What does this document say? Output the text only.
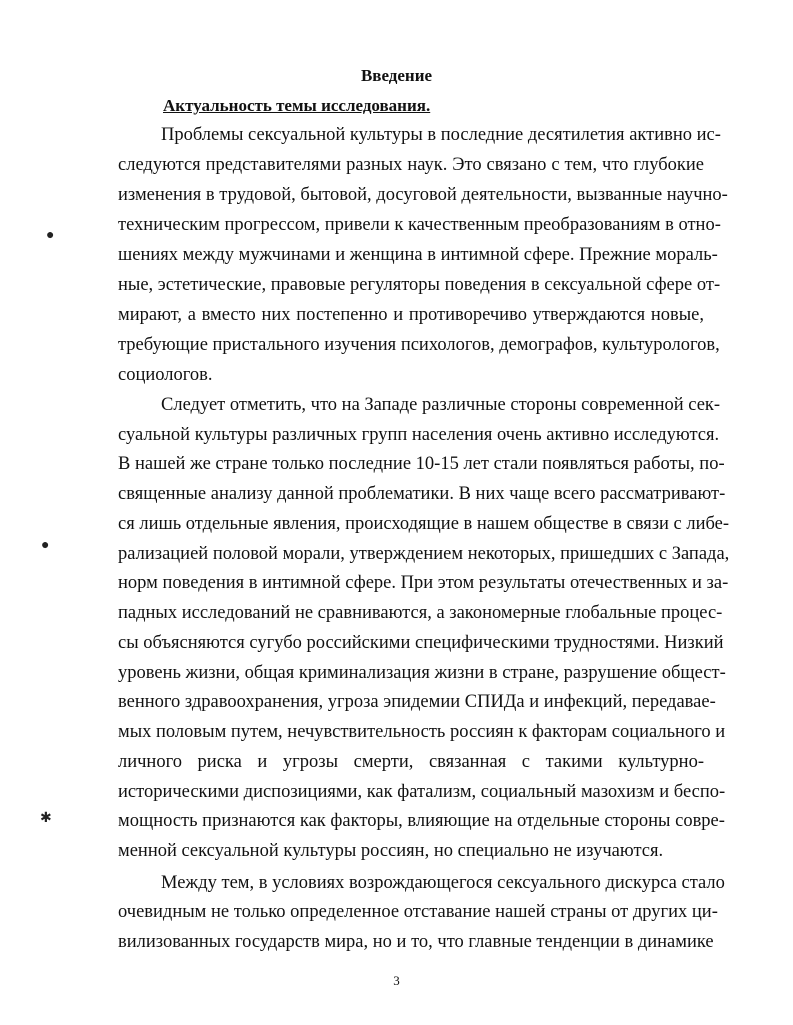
Введение
Актуальность темы исследования.
Проблемы сексуальной культуры в последние десятилетия активно ис-
следуются представителями разных наук. Это связано с тем, что глубокие
изменения в трудовой, бытовой, досуговой деятельности, вызванные научно-
техническим прогрессом, привели к качественным преобразованиям в отно-
шениях между мужчинами и женщина в интимной сфере. Прежние мораль-
ные, эстетические, правовые регуляторы поведения в сексуальной сфере от-
мирают, а вместо них постепенно и противоречиво утверждаются новые,
требующие пристального изучения психологов, демографов, культурологов,
социологов.
Следует отметить, что на Западе различные стороны современной сек-
суальной культуры различных групп населения очень активно исследуются.
В нашей же стране только последние 10-15 лет стали появляться работы, по-
священные анализу данной проблематики. В них чаще всего рассматривают-
ся лишь отдельные явления, происходящие в нашем обществе в связи с либе-
рализацией половой морали, утверждением некоторых, пришедших с Запада,
норм поведения в интимной сфере. При этом результаты отечественных и за-
падных исследований не сравниваются, а закономерные глобальные процес-
сы объясняются сугубо российскими специфическими трудностями. Низкий
уровень жизни, общая криминализация жизни в стране, разрушение общест-
венного здравоохранения, угроза эпидемии СПИДа и инфекций, передавае-
мых половым путем, нечувствительность россиян к факторам социального и
личного риска и угрозы смерти, связанная с такими культурно-
историческими диспозициями, как фатализм, социальный мазохизм и беспо-
мощность признаются как факторы, влияющие на отдельные стороны совре-
менной сексуальной культуры россиян, но специально не изучаются.
Между тем, в условиях возрождающегося сексуального дискурса стало
очевидным не только определенное отставание нашей страны от других ци-
вилизованных государств мира, но и то, что главные тенденции в динамике
●
●
✱
3
